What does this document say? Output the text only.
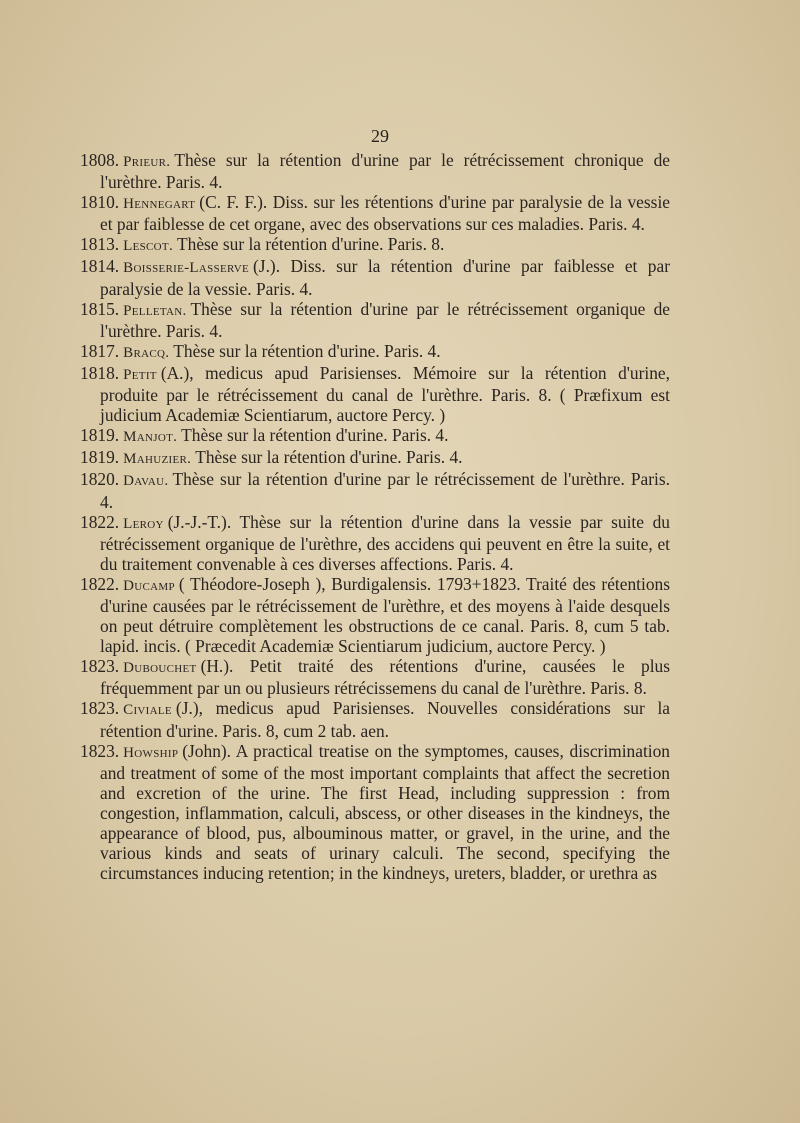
29

1808. Prieur. Thèse sur la rétention d'urine par le rétrécissement chronique de l'urèthre. Paris. 4.

1810. Hennegart (C. F. F.). Diss. sur les rétentions d'urine par paralysie de la vessie et par faiblesse de cet organe, avec des observations sur ces maladies. Paris. 4.

1813. Lescot. Thèse sur la rétention d'urine. Paris. 8.

1814. Boisserie-Lasserve (J.). Diss. sur la rétention d'urine par faiblesse et par paralysie de la vessie. Paris. 4.

1815. Pelletan. Thèse sur la rétention d'urine par le rétrécissement organique de l'urèthre. Paris. 4.

1817. Bracq. Thèse sur la rétention d'urine. Paris. 4.

1818. Petit (A.), medicus apud Parisienses. Mémoire sur la rétention d'urine, produite par le rétrécissement du canal de l'urèthre. Paris. 8. ( Præfixum est judicium Academiæ Scientiarum, auctore Percy. )

1819. Manjot. Thèse sur la rétention d'urine. Paris. 4.

1819. Mahuzier. Thèse sur la rétention d'urine. Paris. 4.

1820. Davau. Thèse sur la rétention d'urine par le rétrécissement de l'urèthre. Paris. 4.

1822. Leroy (J.-J.-T.). Thèse sur la rétention d'urine dans la vessie par suite du rétrécissement organique de l'urèthre, des accidens qui peuvent en être la suite, et du traitement convenable à ces diverses affections. Paris. 4.

1822. Ducamp ( Théodore-Joseph ), Burdigalensis. 1793+1823. Traité des rétentions d'urine causées par le rétrécissement de l'urèthre, et des moyens à l'aide desquels on peut détruire complètement les obstructions de ce canal. Paris. 8, cum 5 tab. lapid. incis. ( Præcedit Academiæ Scientiarum judicium, auctore Percy. )

1823. Dubouchet (H.). Petit traité des rétentions d'urine, causées le plus fréquemment par un ou plusieurs rétrécissemens du canal de l'urèthre. Paris. 8.

1823. Civiale (J.), medicus apud Parisienses. Nouvelles considérations sur la rétention d'urine. Paris. 8, cum 2 tab. aen.

1823. Howship (John). A practical treatise on the symptomes, causes, discrimination and treatment of some of the most important complaints that affect the secretion and excretion of the urine. The first Head, including suppression : from congestion, inflammation, calculi, abscess, or other diseases in the kindneys, the appearance of blood, pus, albouminous matter, or gravel, in the urine, and the various kinds and seats of urinary calculi. The second, specifying the circumstances inducing retention; in the kindneys, ureters, bladder, or urethra as
